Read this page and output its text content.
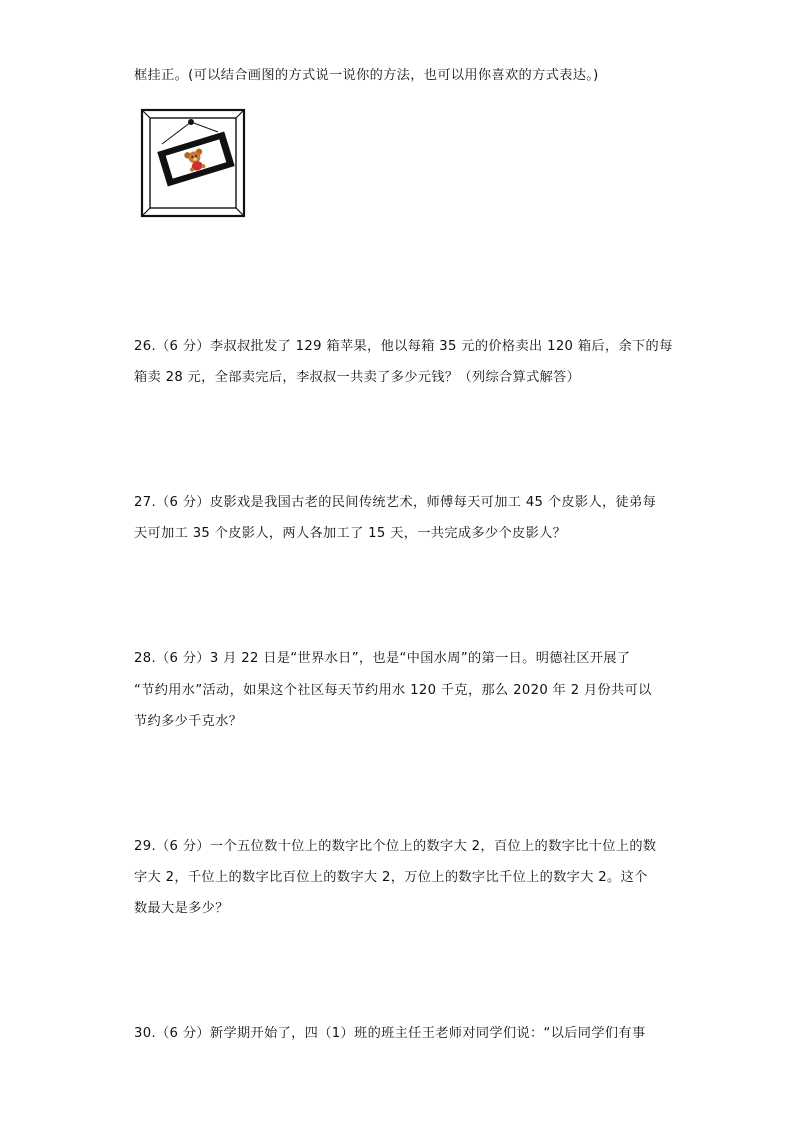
框挂正。(可以结合画图的方式说一说你的方法，也可以用你喜欢的方式表达。)
26.（6 分）李叔叔批发了 129 箱苹果，他以每箱 35 元的价格卖出 120 箱后，余下的每
箱卖 28 元，全部卖完后，李叔叔一共卖了多少元钱？（列综合算式解答）
27.（6 分）皮影戏是我国古老的民间传统艺术，师傅每天可加工 45 个皮影人，徒弟每
天可加工 35 个皮影人，两人各加工了 15 天，一共完成多少个皮影人？
28.（6 分）3 月 22 日是“世界水日”，也是“中国水周”的第一日。明德社区开展了
“节约用水”活动，如果这个社区每天节约用水 120 千克，那么 2020 年 2 月份共可以
节约多少千克水？
29.（6 分）一个五位数十位上的数字比个位上的数字大 2，百位上的数字比十位上的数
字大 2，千位上的数字比百位上的数字大 2，万位上的数字比千位上的数字大 2。这个
数最大是多少？
30.（6 分）新学期开始了，四（1）班的班主任王老师对同学们说：“以后同学们有事
